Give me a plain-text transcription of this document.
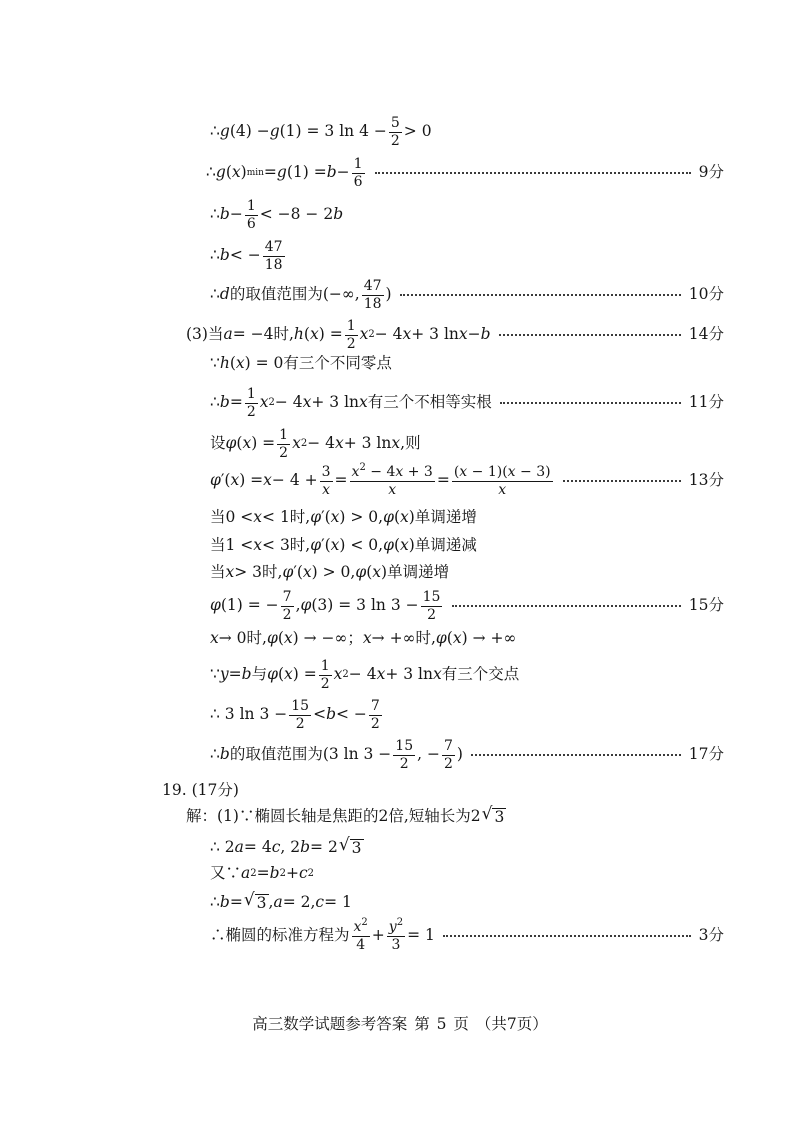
∴ g (4) − g (1) = 3 $\ln 4 - \frac{5}{2} > 0$
∴ g ( x ) min = g $(1) = b - \frac{1}{6}$	9分
∴ $b - \frac{1}{6} < -8 - 2$ b
∴ b < − $\frac{47}{18}$
∴ d 的取值范围为(−∞, $\frac{47}{18}$ )	10分
(3)当 a = −4时, h ( x ) = $\frac{1}{2}$ x 2 − 4 x + 3 ln x − b	14分
∵ h ( x ) = 0有三个不同零点
∴ $b = \frac{1}{2}$ x 2 − 4 x + 3 ln x 有三个不相等实根	11分
设 φ ( x ) = $\frac{1}{2}$ x 2 − 4 x + 3 ln x ,则
φ ′( x ) = $x - 4 + \frac{3}{x} = \frac{x^2 - 4x + 3}{x} = \frac{(x - 1)(x - 3)}{x}$	13分
当0 < x < 1时, φ ′( x ) > 0, φ ( x )单调递增
当1 < x < 3时, φ ′( x ) < 0, φ ( x )单调递减
当 x > 3时, φ ′( x ) > 0, φ ( x )单调递增
φ (1) = − $\frac{7}{2}$ , φ (3) = 3 $\ln 3 - \frac{15}{2}$	15分
x → 0时, φ ( x ) → −∞； x → +∞时, φ ( x ) → +∞
∵ y = b 与 φ ( x ) = $\frac{1}{2}$ x 2 − 4 x + 3 ln x 有三个交点
∴ 3 $\ln 3 - \frac{15}{2} < b$ < − $\frac{7}{2}$
∴ b 的取值范围为(3 $\ln 3 - \frac{15}{2}$ , − $\frac{7}{2}$ )	17分
19. (17分)
解：(1)∵椭圆长轴是焦距的2倍,短轴长为2 √ 3
∴ 2 a = 4 c , 2 b = 2 √ 3
又∵ a 2 = b 2 + c 2
∴ b = √ 3 , a = 2, c = 1
∴椭圆的标准方程为 $\frac{x^2}{4} + \frac{y^2}{3} = 1$	3分
高三数学试题参考答案 第 5 页 （共7页）
